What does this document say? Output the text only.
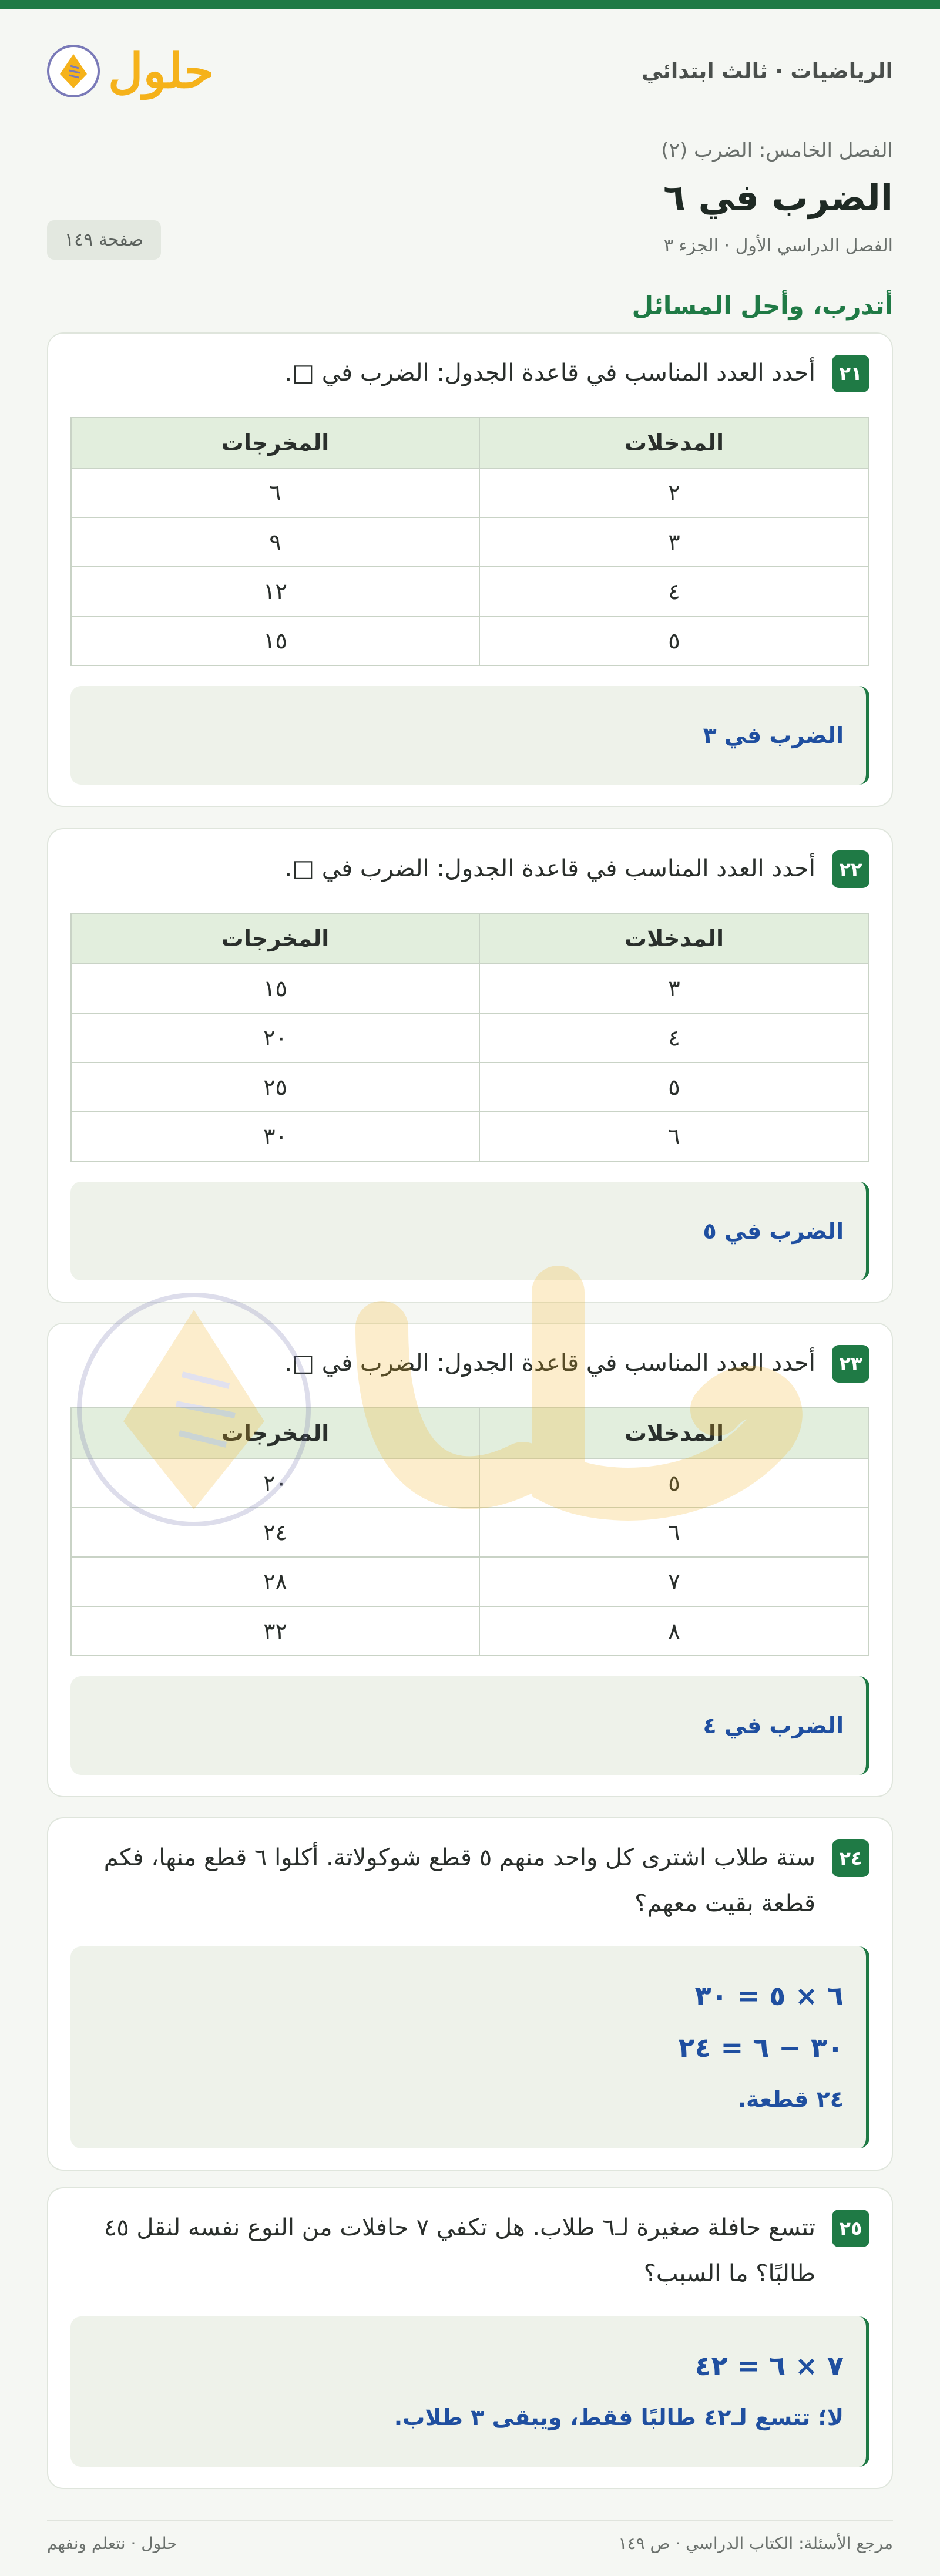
الرياضيات · ثالث ابتدائي
حلول
الفصل الخامس: الضرب (٢)
الضرب في ٦
الفصل الدراسي الأول · الجزء ٣
صفحة ١٤٩
أتدرب، وأحل المسائل
٢١
أحدد العدد المناسب في قاعدة الجدول: الضرب في □.
المدخلات	المخرجات
٢	٦
٣	٩
٤	١٢
٥	١٥
الضرب في ٣
٢٢
أحدد العدد المناسب في قاعدة الجدول: الضرب في □.
المدخلات	المخرجات
٣	١٥
٤	٢٠
٥	٢٥
٦	٣٠
الضرب في ٥
٢٣
أحدد العدد المناسب في قاعدة الجدول: الضرب في □.
المدخلات	المخرجات
٥	٢٠
٦	٢٤
٧	٢٨
٨	٣٢
الضرب في ٤
٢٤
ستة طلاب اشترى كل واحد منهم ٥ قطع شوكولاتة. أكلوا ٦ قطع منها، فكم قطعة بقيت معهم؟
٦ × ٥ = ٣٠
٣٠ − ٦ = ٢٤
٢٤ قطعة.
٢٥
تتسع حافلة صغيرة لـ٦ طلاب. هل تكفي ٧ حافلات من النوع نفسه لنقل ٤٥ طالبًا؟ ما السبب؟
٧ × ٦ = ٤٢
لا؛ تتسع لـ٤٢ طالبًا فقط، ويبقى ٣ طلاب.
مرجع الأسئلة: الكتاب الدراسي · ص ١٤٩
حلول · نتعلم ونفهم
